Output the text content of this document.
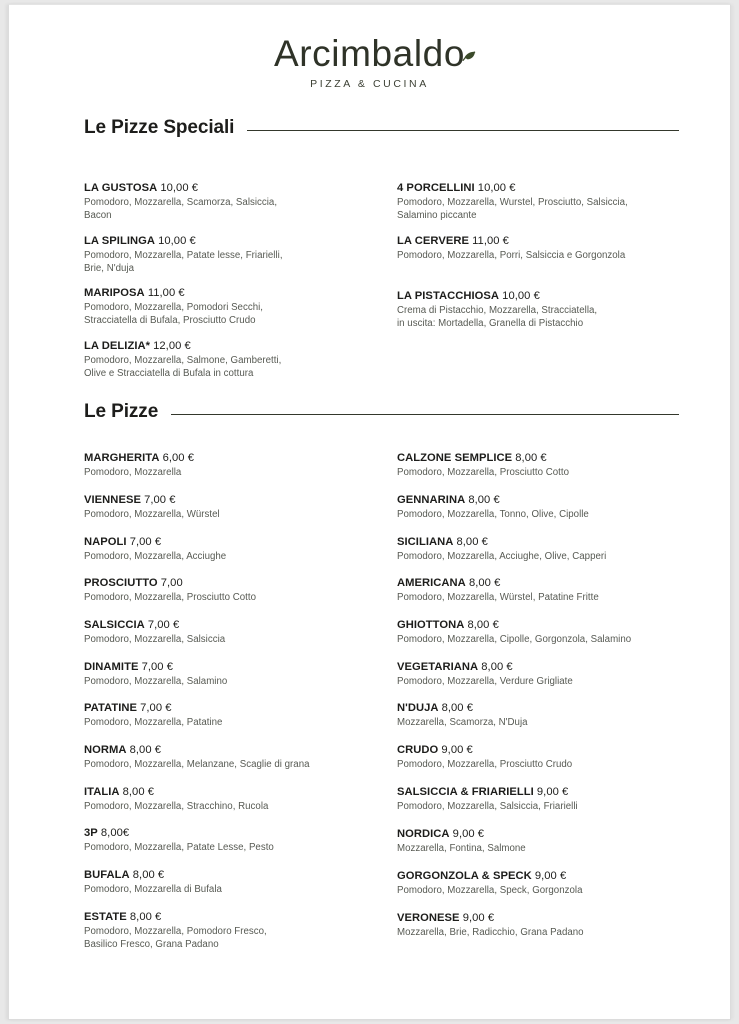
Arcimbaldo
PIZZA & CUCINA
Le Pizze Speciali
LA GUSTOSA 10,00 €
Pomodoro, Mozzarella, Scamorza, Salsiccia,
Bacon
LA SPILINGA 10,00 €
Pomodoro, Mozzarella, Patate lesse, Friarielli,
Brie, N'duja
MARIPOSA 11,00 €
Pomodoro, Mozzarella, Pomodori Secchi,
Stracciatella di Bufala, Prosciutto Crudo
LA DELIZIA* 12,00 €
Pomodoro, Mozzarella, Salmone, Gamberetti,
Olive e Stracciatella di Bufala in cottura
4 PORCELLINI 10,00 €
Pomodoro, Mozzarella, Wurstel, Prosciutto, Salsiccia,
Salamino piccante
LA CERVERE 11,00 €
Pomodoro, Mozzarella, Porri, Salsiccia e Gorgonzola
LA PISTACCHIOSA 10,00 €
Crema di Pistacchio, Mozzarella, Stracciatella,
in uscita: Mortadella, Granella di Pistacchio
Le Pizze
MARGHERITA 6,00 €
Pomodoro, Mozzarella
VIENNESE 7,00 €
Pomodoro, Mozzarella, Würstel
NAPOLI 7,00 €
Pomodoro, Mozzarella, Acciughe
PROSCIUTTO 7,00
Pomodoro, Mozzarella, Prosciutto Cotto
SALSICCIA 7,00 €
Pomodoro, Mozzarella, Salsiccia
DINAMITE 7,00 €
Pomodoro, Mozzarella, Salamino
PATATINE 7,00 €
Pomodoro, Mozzarella, Patatine
NORMA 8,00 €
Pomodoro, Mozzarella, Melanzane, Scaglie di grana
ITALIA 8,00 €
Pomodoro, Mozzarella, Stracchino, Rucola
3P 8,00€
Pomodoro, Mozzarella, Patate Lesse, Pesto
BUFALA 8,00 €
Pomodoro, Mozzarella di Bufala
ESTATE 8,00 €
Pomodoro, Mozzarella, Pomodoro Fresco,
Basilico Fresco, Grana Padano
CALZONE SEMPLICE 8,00 €
Pomodoro, Mozzarella, Prosciutto Cotto
GENNARINA 8,00 €
Pomodoro, Mozzarella, Tonno, Olive, Cipolle
SICILIANA 8,00 €
Pomodoro, Mozzarella, Acciughe, Olive, Capperi
AMERICANA 8,00 €
Pomodoro, Mozzarella, Würstel, Patatine Fritte
GHIOTTONA 8,00 €
Pomodoro, Mozzarella, Cipolle, Gorgonzola, Salamino
VEGETARIANA 8,00 €
Pomodoro, Mozzarella, Verdure Grigliate
N'DUJA 8,00 €
Mozzarella, Scamorza, N'Duja
CRUDO 9,00 €
Pomodoro, Mozzarella, Prosciutto Crudo
SALSICCIA & FRIARIELLI 9,00 €
Pomodoro, Mozzarella, Salsiccia, Friarielli
NORDICA 9,00 €
Mozzarella, Fontina, Salmone
GORGONZOLA & SPECK 9,00 €
Pomodoro, Mozzarella, Speck, Gorgonzola
VERONESE 9,00 €
Mozzarella, Brie, Radicchio, Grana Padano
